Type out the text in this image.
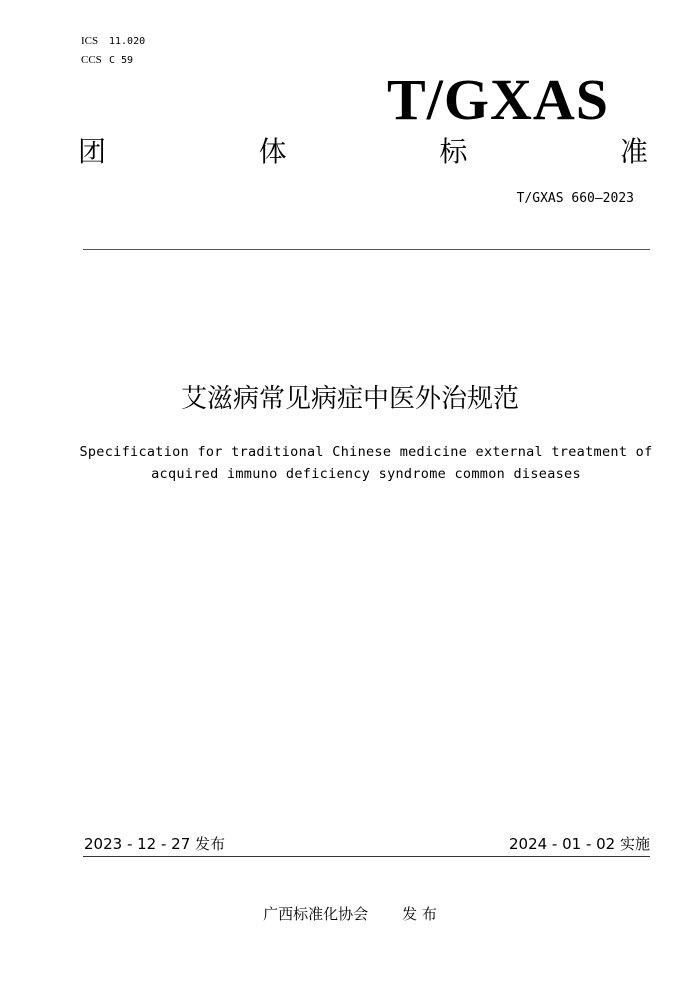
ICS 11.020
CCS C 59
T/GXAS
团	体	标	准
T/GXAS 660—2023
艾滋病常见病症中医外治规范
Specification for traditional Chinese medicine external treatment of
acquired immuno deficiency syndrome common diseases
2023 - 12 - 27 发布	2024 - 01 - 02 实施
广西标准化协会 发 布
